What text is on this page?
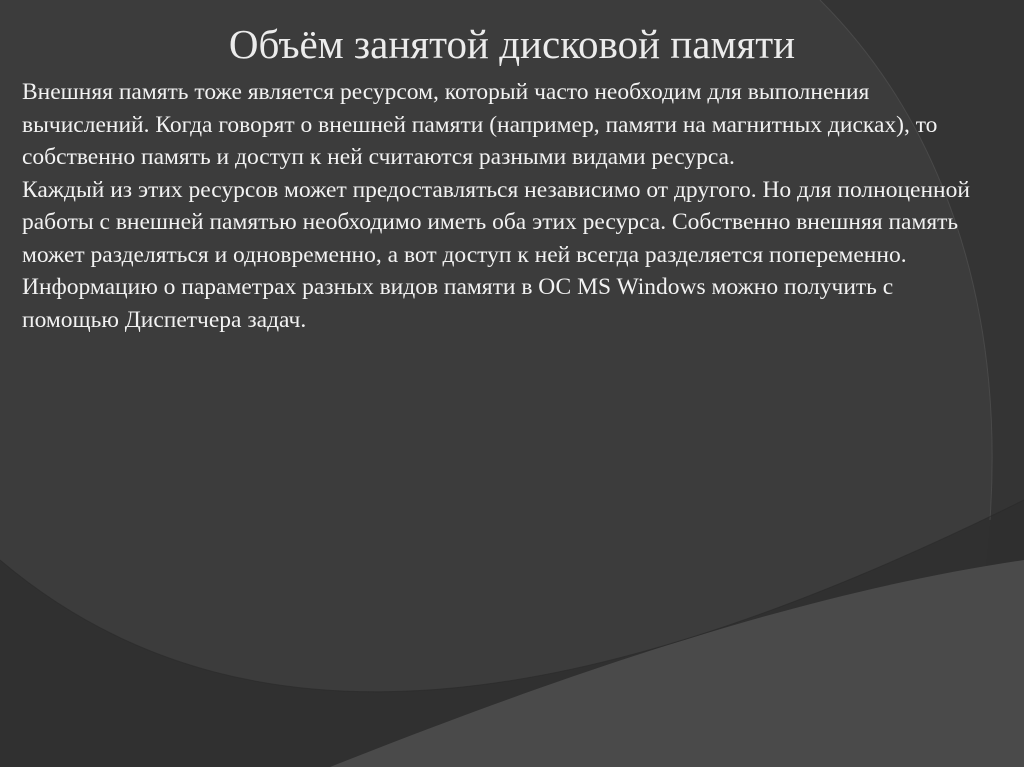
Объём занятой дисковой памяти

Внешняя память тоже является ресурсом, который часто необходим для выполнения вычислений. Когда говорят о внешней памяти (например, памяти на магнитных дисках), то собственно память и доступ к ней считаются разными видами ресурса.

Каждый из этих ресурсов может предоставляться независимо от другого. Но для полноценной работы с внешней памятью необходимо иметь оба этих ресурса. Собственно внешняя память может разделяться и одновременно, а вот доступ к ней всегда разделяется попеременно.

Информацию о параметрах разных видов памяти в ОС MS Windows можно получить с помощью Диспетчера задач.
